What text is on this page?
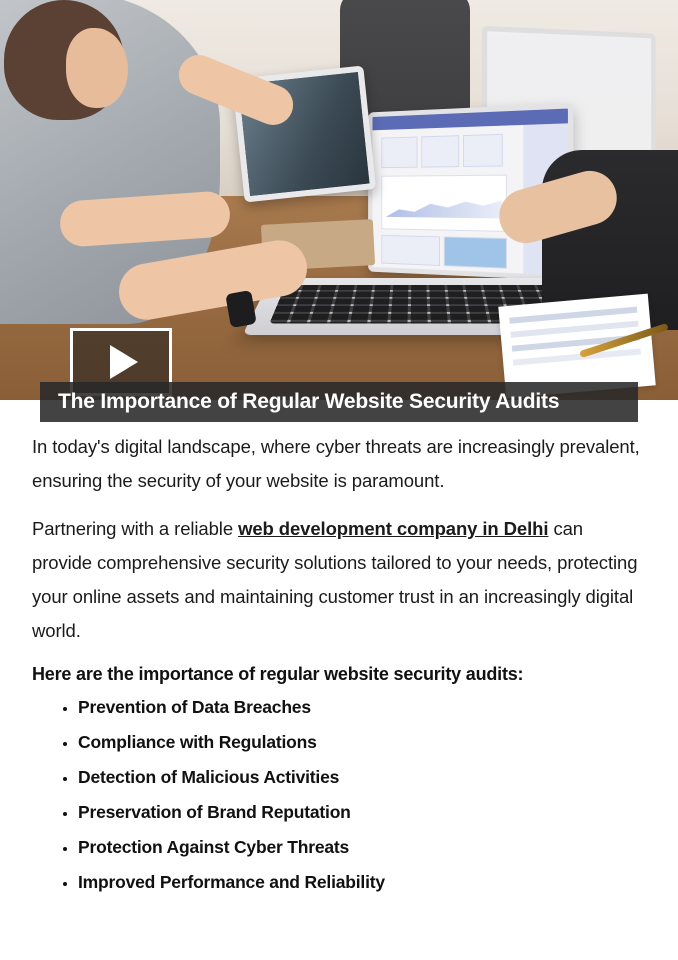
The Importance of Regular Website Security Audits

In today's digital landscape, where cyber threats are increasingly prevalent, ensuring the security of your website is paramount.

Partnering with a reliable web development company in Delhi can provide comprehensive security solutions tailored to your needs, protecting your online assets and maintaining customer trust in an increasingly digital world.

Here are the importance of regular website security audits:

• Prevention of Data Breaches
• Compliance with Regulations
• Detection of Malicious Activities
• Preservation of Brand Reputation
• Protection Against Cyber Threats
• Improved Performance and Reliability
